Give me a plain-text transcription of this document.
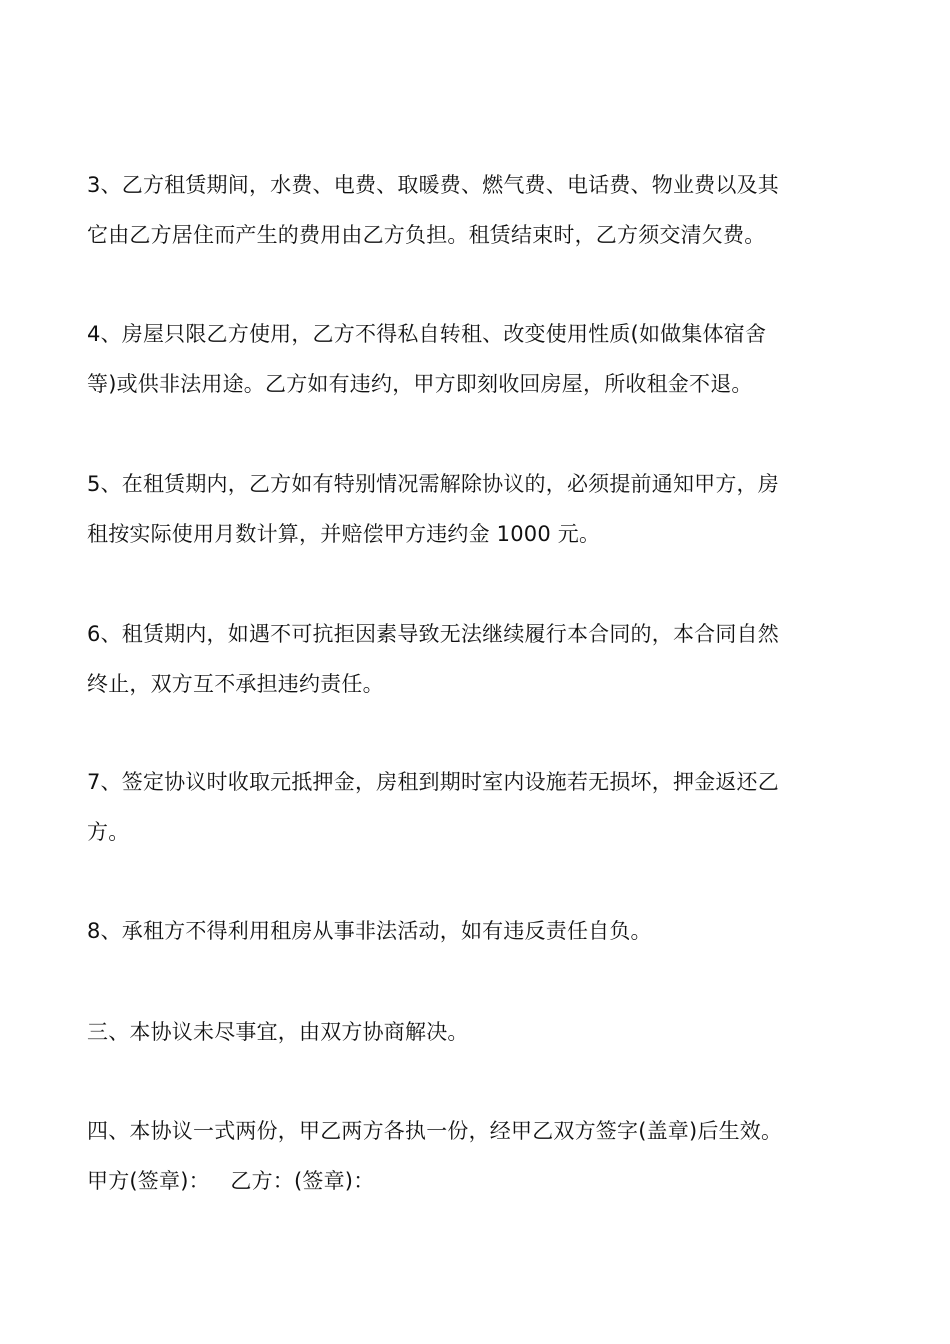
3、乙方租赁期间，水费、电费、取暖费、燃气费、电话费、物业费以及其
它由乙方居住而产生的费用由乙方负担。租赁结束时，乙方须交清欠费。

4、房屋只限乙方使用，乙方不得私自转租、改变使用性质(如做集体宿舍
等)或供非法用途。乙方如有违约，甲方即刻收回房屋，所收租金不退。

5、在租赁期内，乙方如有特别情况需解除协议的，必须提前通知甲方，房
租按实际使用月数计算，并赔偿甲方违约金 1000 元。

6、租赁期内，如遇不可抗拒因素导致无法继续履行本合同的，本合同自然
终止，双方互不承担违约责任。

7、签定协议时收取元抵押金，房租到期时室内设施若无损坏，押金返还乙
方。

8、承租方不得利用租房从事非法活动，如有违反责任自负。

三、本协议未尽事宜，由双方协商解决。

四、本协议一式两份，甲乙两方各执一份，经甲乙双方签字(盖章)后生效。

甲方(签章)：   乙方：(签章)：
